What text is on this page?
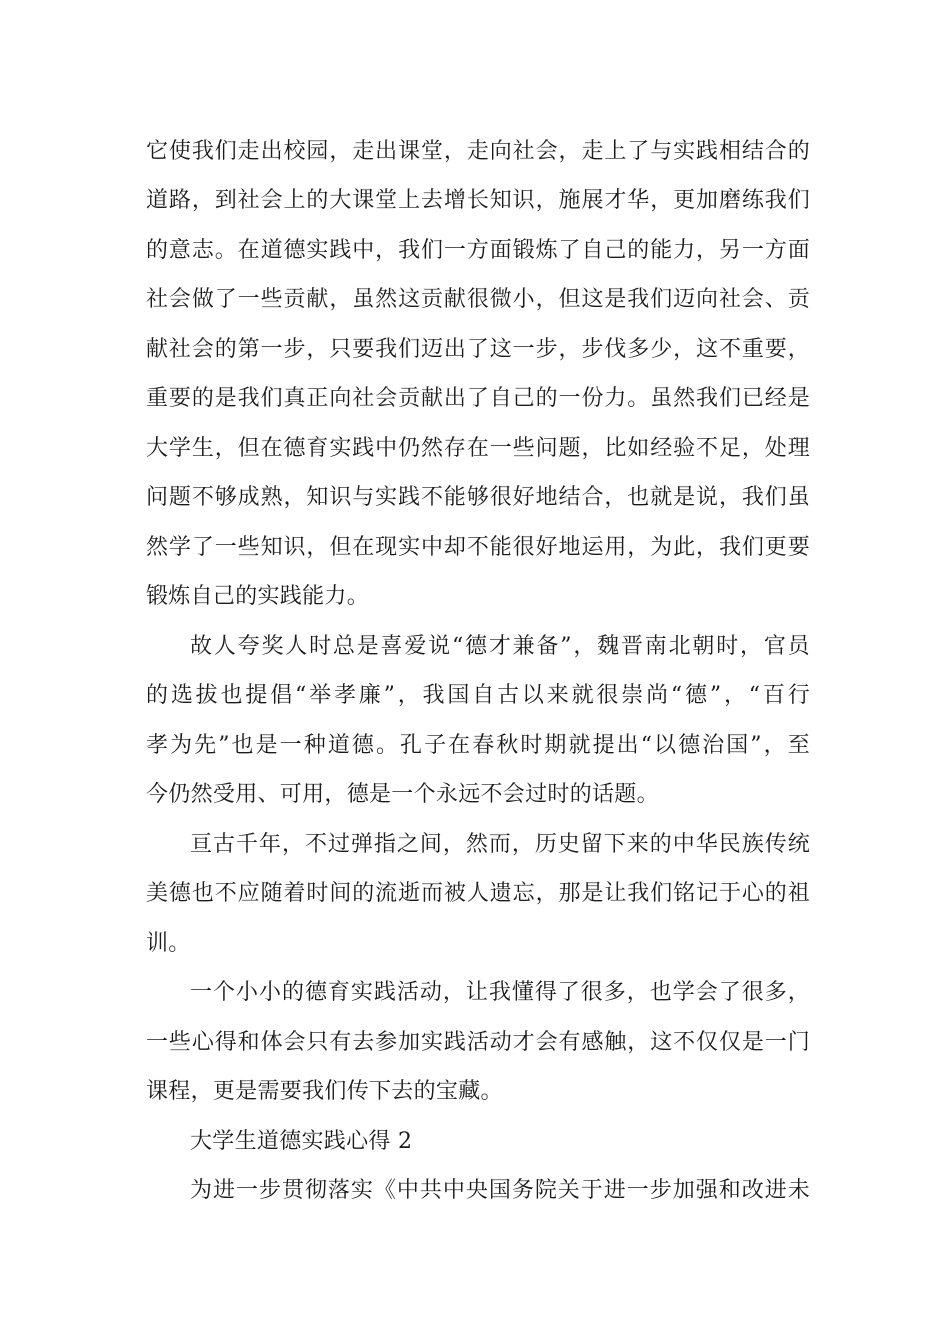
它使我们走出校园，走出课堂，走向社会，走上了与实践相结合的
道路，到社会上的大课堂上去增长知识，施展才华，更加磨练我们
的意志。在道德实践中，我们一方面锻炼了自己的能力，另一方面
社会做了一些贡献，虽然这贡献很微小，但这是我们迈向社会、贡
献社会的第一步，只要我们迈出了这一步，步伐多少，这不重要，
重要的是我们真正向社会贡献出了自己的一份力。虽然我们已经是
大学生，但在德育实践中仍然存在一些问题，比如经验不足，处理
问题不够成熟，知识与实践不能够很好地结合，也就是说，我们虽
然学了一些知识，但在现实中却不能很好地运用，为此，我们更要
锻炼自己的实践能力。
故人夸奖人时总是喜爱说“德才兼备”，魏晋南北朝时，官员
的选拔也提倡“举孝廉”，我国自古以来就很崇尚“德”，“百行
孝为先”也是一种道德。孔子在春秋时期就提出“以德治国”，至
今仍然受用、可用，德是一个永远不会过时的话题。
亘古千年，不过弹指之间，然而，历史留下来的中华民族传统
美德也不应随着时间的流逝而被人遗忘，那是让我们铭记于心的祖
训。
一个小小的德育实践活动，让我懂得了很多，也学会了很多，
一些心得和体会只有去参加实践活动才会有感触，这不仅仅是一门
课程，更是需要我们传下去的宝藏。
大学生道德实践心得 2
为进一步贯彻落实《中共中央国务院关于进一步加强和改进未
